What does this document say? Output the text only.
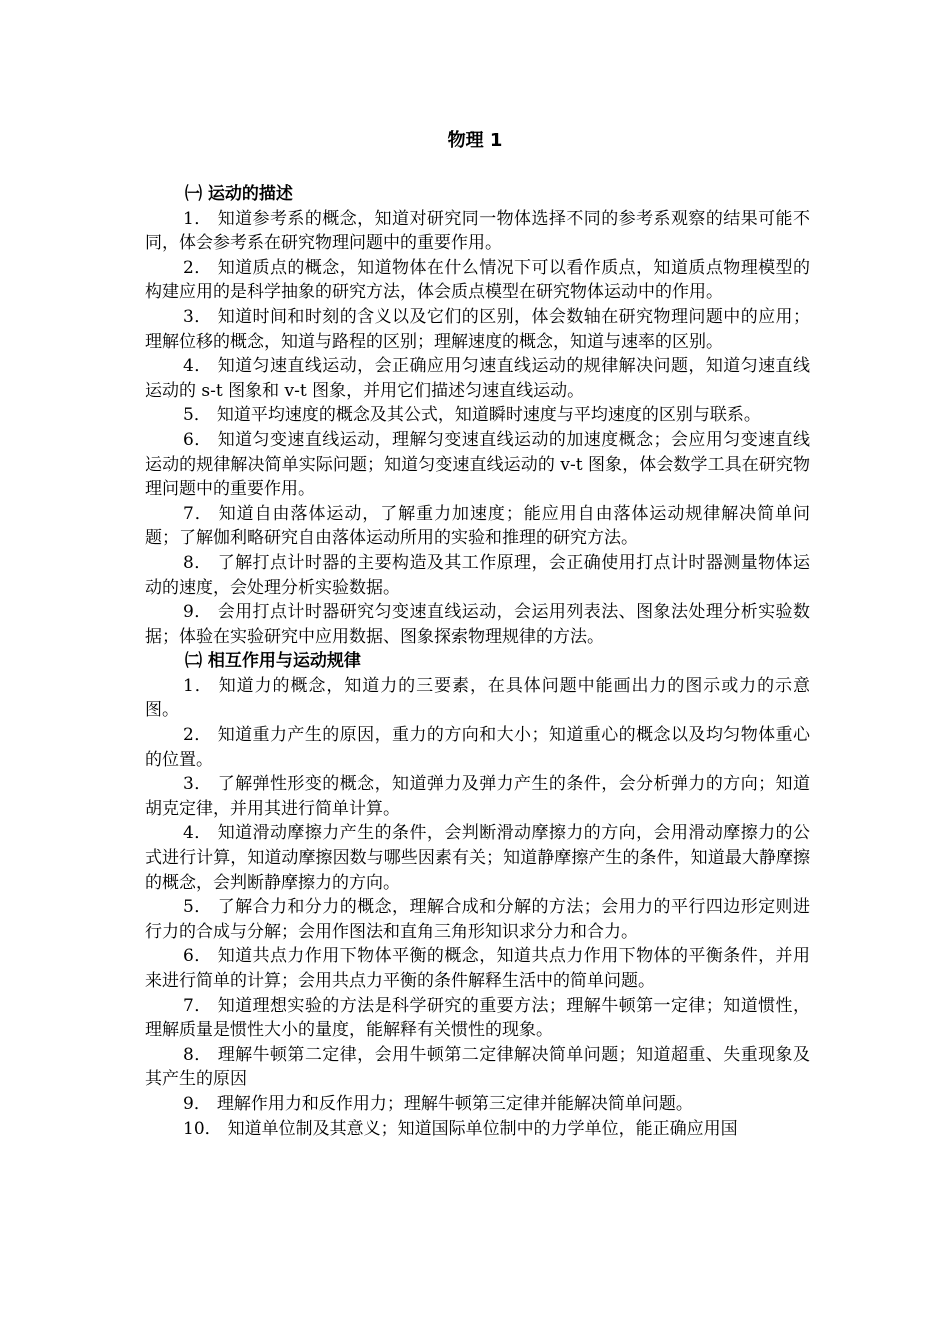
物理 1
㈠ 运动的描述
1． 知道参考系的概念，知道对研究同一物体选择不同的参考系观察的结果可能不同，体会参考系在研究物理问题中的重要作用。
2． 知道质点的概念，知道物体在什么情况下可以看作质点，知道质点物理模型的构建应用的是科学抽象的研究方法，体会质点模型在研究物体运动中的作用。
3． 知道时间和时刻的含义以及它们的区别，体会数轴在研究物理问题中的应用；理解位移的概念，知道与路程的区别；理解速度的概念，知道与速率的区别。
4． 知道匀速直线运动，会正确应用匀速直线运动的规律解决问题，知道匀速直线运动的 s-t 图象和 v-t 图象，并用它们描述匀速直线运动。
5． 知道平均速度的概念及其公式，知道瞬时速度与平均速度的区别与联系。
6． 知道匀变速直线运动，理解匀变速直线运动的加速度概念；会应用匀变速直线运动的规律解决简单实际问题；知道匀变速直线运动的 v-t 图象，体会数学工具在研究物理问题中的重要作用。
7． 知道自由落体运动，了解重力加速度；能应用自由落体运动规律解决简单问题；了解伽利略研究自由落体运动所用的实验和推理的研究方法。
8． 了解打点计时器的主要构造及其工作原理，会正确使用打点计时器测量物体运动的速度，会处理分析实验数据。
9． 会用打点计时器研究匀变速直线运动，会运用列表法、图象法处理分析实验数据；体验在实验研究中应用数据、图象探索物理规律的方法。
㈡ 相互作用与运动规律
1． 知道力的概念，知道力的三要素，在具体问题中能画出力的图示或力的示意图。
2． 知道重力产生的原因，重力的方向和大小；知道重心的概念以及均匀物体重心的位置。
3． 了解弹性形变的概念，知道弹力及弹力产生的条件，会分析弹力的方向；知道胡克定律，并用其进行简单计算。
4． 知道滑动摩擦力产生的条件，会判断滑动摩擦力的方向，会用滑动摩擦力的公式进行计算，知道动摩擦因数与哪些因素有关；知道静摩擦产生的条件，知道最大静摩擦的概念，会判断静摩擦力的方向。
5． 了解合力和分力的概念，理解合成和分解的方法；会用力的平行四边形定则进行力的合成与分解；会用作图法和直角三角形知识求分力和合力。
6． 知道共点力作用下物体平衡的概念，知道共点力作用下物体的平衡条件，并用来进行简单的计算；会用共点力平衡的条件解释生活中的简单问题。
7． 知道理想实验的方法是科学研究的重要方法；理解牛顿第一定律；知道惯性，理解质量是惯性大小的量度，能解释有关惯性的现象。
8． 理解牛顿第二定律，会用牛顿第二定律解决简单问题；知道超重、失重现象及其产生的原因
9． 理解作用力和反作用力；理解牛顿第三定律并能解决简单问题。
10． 知道单位制及其意义；知道国际单位制中的力学单位，能正确应用国
